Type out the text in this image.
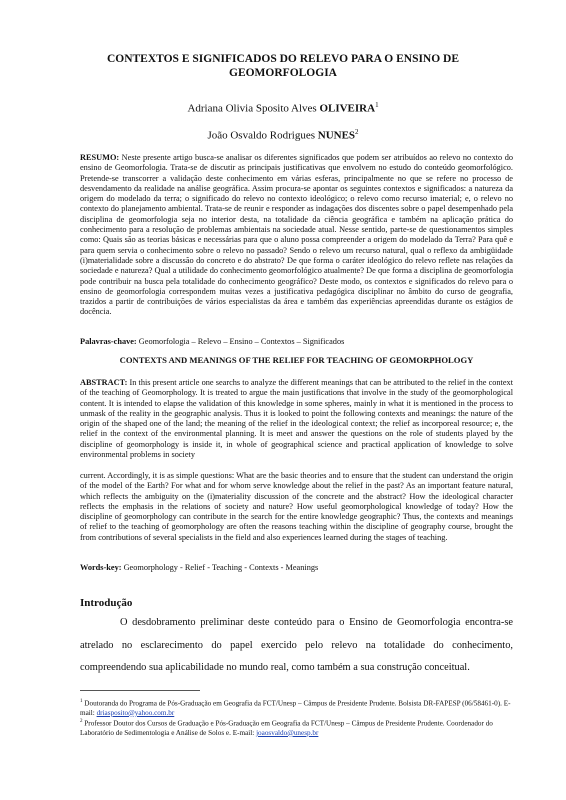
CONTEXTOS E SIGNIFICADOS DO RELEVO PARA O ENSINO DE GEOMORFOLOGIA
Adriana Olivia Sposito Alves OLIVEIRA$^1$
João Osvaldo Rodrigues NUNES$^2$
RESUMO: Neste presente artigo busca-se analisar os diferentes significados que podem ser atribuídos ao relevo no contexto do ensino de Geomorfologia. Trata-se de discutir as principais justificativas que envolvem no estudo do conteúdo geomorfológico. Pretende-se transcorrer a validação deste conhecimento em várias esferas, principalmente no que se refere no processo de desvendamento da realidade na análise geográfica. Assim procura-se apontar os seguintes contextos e significados: a natureza da origem do modelado da terra; o significado do relevo no contexto ideológico; o relevo como recurso imaterial; e, o relevo no contexto do planejamento ambiental. Trata-se de reunir e responder as indagações dos discentes sobre o papel desempenhado pela disciplina de geomorfologia seja no interior desta, na totalidade da ciência geográfica e também na aplicação prática do conhecimento para a resolução de problemas ambientais na sociedade atual. Nesse sentido, parte-se de questionamentos simples como: Quais são as teorias básicas e necessárias para que o aluno possa compreender a origem do modelado da Terra? Para quê e para quem servia o conhecimento sobre o relevo no passado? Sendo o relevo um recurso natural, qual o reflexo da ambigüidade (i)materialidade sobre a discussão do concreto e do abstrato? De que forma o caráter ideológico do relevo reflete nas relações da sociedade e natureza? Qual a utilidade do conhecimento geomorfológico atualmente? De que forma a disciplina de geomorfologia pode contribuir na busca pela totalidade do conhecimento geográfico? Deste modo, os contextos e significados do relevo para o ensino de geomorfologia correspondem muitas vezes a justificativa pedagógica disciplinar no âmbito do curso de geografia, trazidos a partir de contribuições de vários especialistas da área e também das experiências apreendidas durante os estágios de docência.
Palavras-chave: Geomorfologia – Relevo – Ensino – Contextos – Significados
CONTEXTS AND MEANINGS OF THE RELIEF FOR TEACHING OF GEOMORPHOLOGY
ABSTRACT: In this present article one searchs to analyze the different meanings that can be attributed to the relief in the context of the teaching of Geomorphology. It is treated to argue the main justifications that involve in the study of the geomorphological content. It is intended to elapse the validation of this knowledge in some spheres, mainly in what it is mentioned in the process to unmask of the reality in the geographic analysis. Thus it is looked to point the following contexts and meanings: the nature of the origin of the shaped one of the land; the meaning of the relief in the ideological context; the relief as incorporeal resource; e, the relief in the context of the environmental planning. It is meet and answer the questions on the role of students played by the discipline of geomorphology is inside it, in whole of geographical science and practical application of knowledge to solve environmental problems in society
current. Accordingly, it is as simple questions: What are the basic theories and to ensure that the student can understand the origin of the model of the Earth? For what and for whom serve knowledge about the relief in the past? As an important feature natural, which reflects the ambiguity on the (i)materiality discussion of the concrete and the abstract? How the ideological character reflects the emphasis in the relations of society and nature? How useful geomorphological knowledge of today? How the discipline of geomorphology can contribute in the search for the entire knowledge geographic? Thus, the contexts and meanings of relief to the teaching of geomorphology are often the reasons teaching within the discipline of geography course, brought the from contributions of several specialists in the field and also experiences learned during the stages of teaching.
Words-key: Geomorphology - Relief - Teaching - Contexts - Meanings
Introdução
O desdobramento preliminar deste conteúdo para o Ensino de Geomorfologia encontra-se atrelado no esclarecimento do papel exercido pelo relevo na totalidade do conhecimento, compreendendo sua aplicabilidade no mundo real, como também a sua construção conceitual.
$^1$ Doutoranda do Programa de Pós-Graduação em Geografia da FCT/Unesp – Câmpus de Presidente Prudente. Bolsista DR-FAPESP (06/58461-0). E-mail: driasposito@yahoo.com.br
$^2$ Professor Doutor dos Cursos de Graduação e Pós-Graduação em Geografia da FCT/Unesp – Câmpus de Presidente Prudente. Coordenador do Laboratório de Sedimentologia e Análise de Solos e. E-mail: joaosvaldo@unesp.br
